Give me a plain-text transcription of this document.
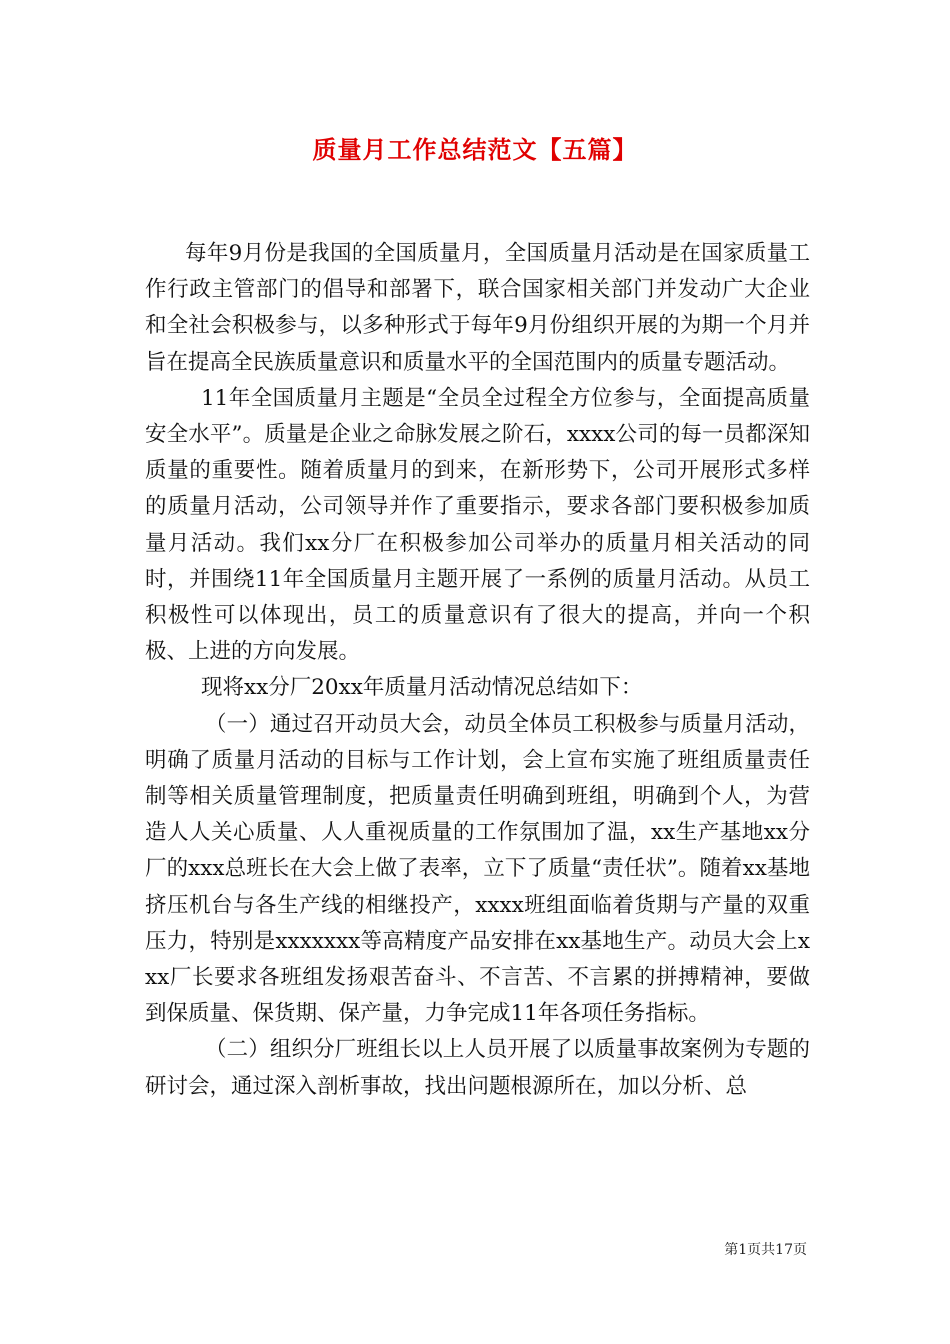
质量月工作总结范文【五篇】

每年9月份是我国的全国质量月，全国质量月活动是在国家质量工作行政主管部门的倡导和部署下，联合国家相关部门并发动广大企业和全社会积极参与，以多种形式于每年9月份组织开展的为期一个月并旨在提高全民族质量意识和质量水平的全国范围内的质量专题活动。

11年全国质量月主题是“全员全过程全方位参与，全面提高质量安全水平”。质量是企业之命脉发展之阶石，xxxx公司的每一员都深知质量的重要性。随着质量月的到来，在新形势下，公司开展形式多样的质量月活动，公司领导并作了重要指示，要求各部门要积极参加质量月活动。我们xx分厂在积极参加公司举办的质量月相关活动的同时，并围绕11年全国质量月主题开展了一系例的质量月活动。从员工积极性可以体现出，员工的质量意识有了很大的提高，并向一个积极、上进的方向发展。

现将xx分厂20xx年质量月活动情况总结如下：

（一）通过召开动员大会，动员全体员工积极参与质量月活动，明确了质量月活动的目标与工作计划，会上宣布实施了班组质量责任制等相关质量管理制度，把质量责任明确到班组，明确到个人，为营造人人关心质量、人人重视质量的工作氛围加了温，xx生产基地xx分厂的xxx总班长在大会上做了表率，立下了质量“责任状”。随着xx基地挤压机台与各生产线的相继投产，xxxx班组面临着货期与产量的双重压力，特别是xxxxxxx等高精度产品安排在xx基地生产。动员大会上xxx厂长要求各班组发扬艰苦奋斗、不言苦、不言累的拼搏精神，要做到保质量、保货期、保产量，力争完成11年各项任务指标。

（二）组织分厂班组长以上人员开展了以质量事故案例为专题的研讨会，通过深入剖析事故，找出问题根源所在，加以分析、总

第1页共17页
